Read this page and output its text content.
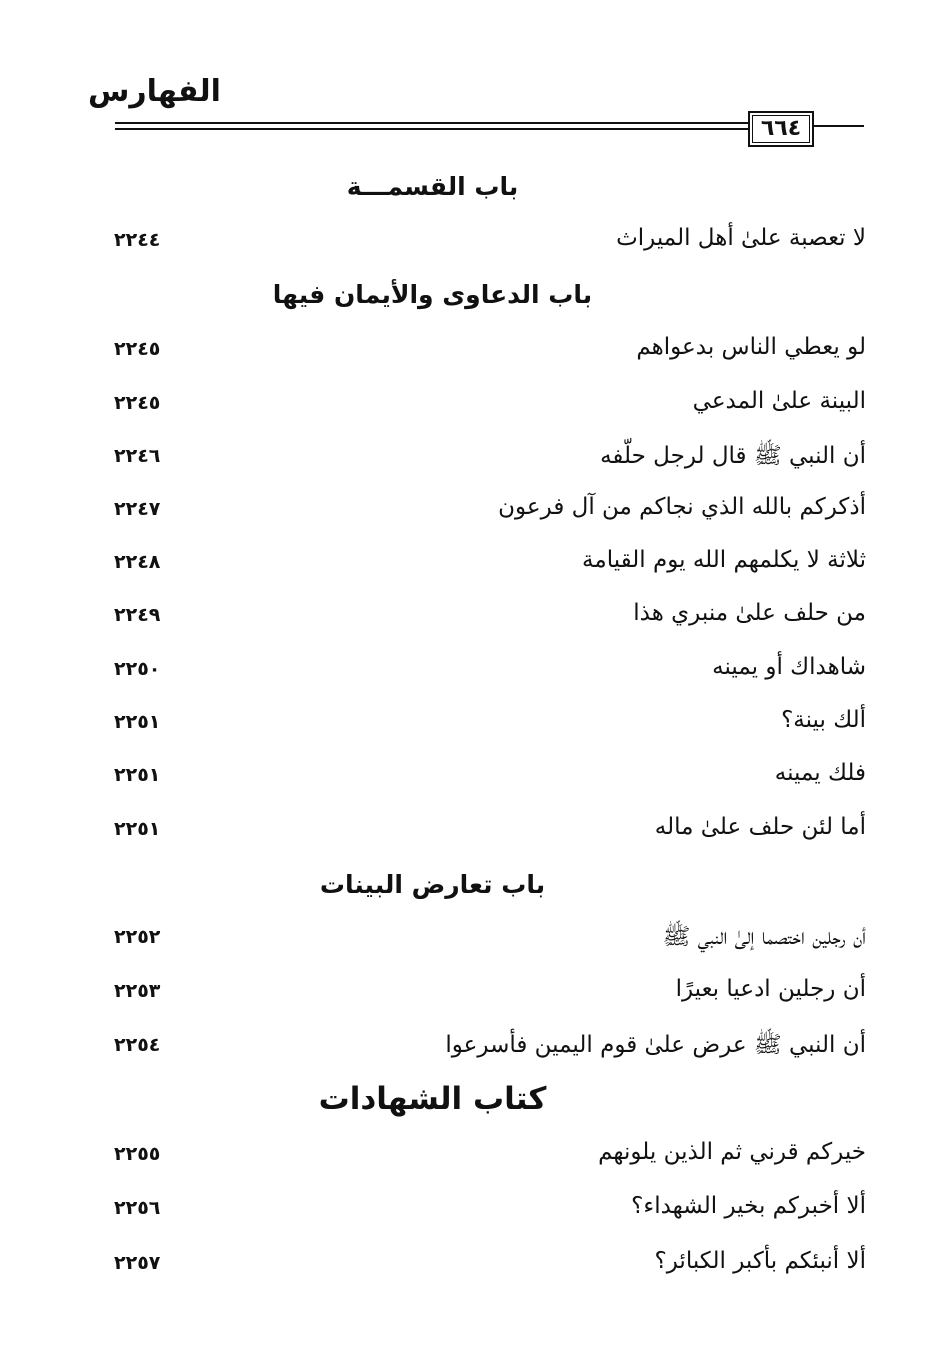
الفهارس
٦٦٤
باب القسمـــة
لا تعصبة علىٰ أهل الميراث
٢٢٤٤
باب الدعاوى والأيمان فيها
لو يعطي الناس بدعواهم
٢٢٤٥
البينة علىٰ المدعي
٢٢٤٥
أن النبي ﷺ قال لرجل حلّفه
٢٢٤٦
أذكركم بالله الذي نجاكم من آل فرعون
٢٢٤٧
ثلاثة لا يكلمهم الله يوم القيامة
٢٢٤٨
من حلف علىٰ منبري هذا
٢٢٤٩
شاهداك أو يمينه
٢٢٥٠
ألك بينة؟
٢٢٥١
فلك يمينه
٢٢٥١
أما لئن حلف علىٰ ماله
٢٢٥١
باب تعارض البينات
أن رجلين اختصما إلىٰ النبي ﷺ
٢٢٥٢
أن رجلين ادعيا بعيرًا
٢٢٥٣
أن النبي ﷺ عرض علىٰ قوم اليمين فأسرعوا
٢٢٥٤
كتاب الشهادات
خيركم قرني ثم الذين يلونهم
٢٢٥٥
ألا أخبركم بخير الشهداء؟
٢٢٥٦
ألا أنبئكم بأكبر الكبائر؟
٢٢٥٧
